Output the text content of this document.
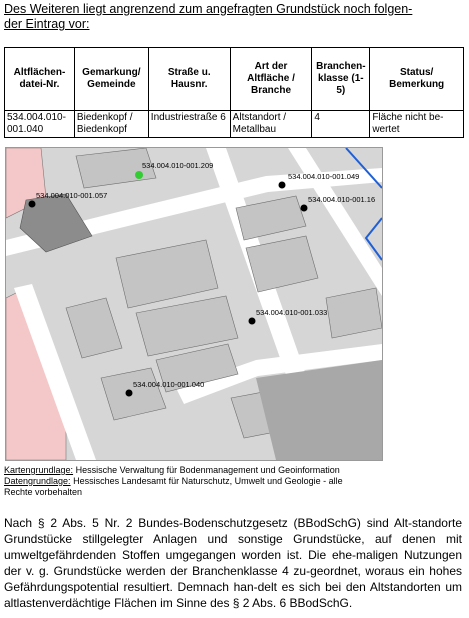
Des Weiteren liegt angrenzend zum angefragten Grundstück noch folgen-
der Eintrag vor:
Altflächen-datei-Nr.	Gemarkung/ Gemeinde	Straße u. Hausnr.	Art der Altfläche / Branche	Branchen-klasse (1-5)	Status/ Bemerkung
534.004.010-001.040	Biedenkopf / Biedenkopf	Industriestraße 6	Altstandort / Metallbau	4	Fläche nicht be-wertet
534.004.010-001.209
534.004.010-001.057
534.004.010-001.049
534.004.010-001.16
534.004.010-001.033
534.004.010-001.040
Kartengrundlage: Hessische Verwaltung für Bodenmanagement und Geoinformation
Datengrundlage: Hessisches Landesamt für Naturschutz, Umwelt und Geologie - alle
Rechte vorbehalten
Nach § 2 Abs. 5 Nr. 2 Bundes-Bodenschutzgesetz (BBodSchG) sind Alt-standorte Grundstücke stillgelegter Anlagen und sonstige Grundstücke, auf denen mit umweltgefährdenden Stoffen umgegangen worden ist. Die ehe-maligen Nutzungen der v. g. Grundstücke werden der Branchenklasse 4 zu-geordnet, woraus ein hohes Gefährdungspotential resultiert. Demnach han-delt es sich bei den Altstandorten um altlastenverdächtige Flächen im Sinne des § 2 Abs. 6 BBodSchG.
